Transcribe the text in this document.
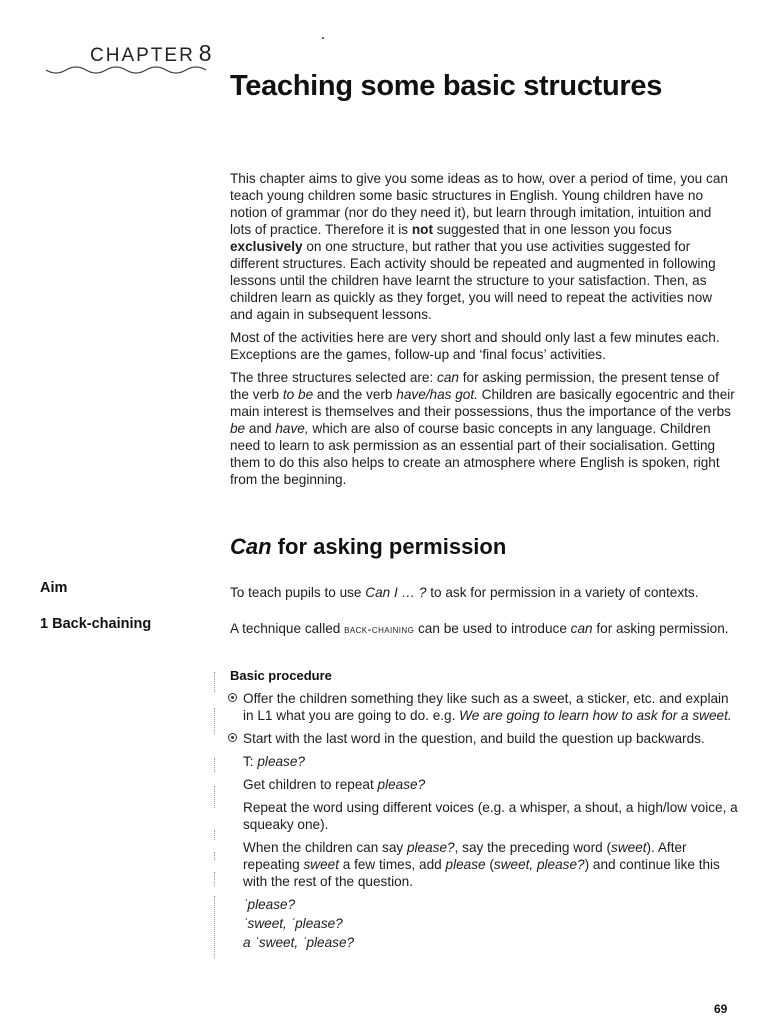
CHAPTER 8
Teaching some basic structures

This chapter aims to give you some ideas as to how, over a period of time, you can teach young children some basic structures in English. Young children have no notion of grammar (nor do they need it), but learn through imitation, intuition and lots of practice. Therefore it is not suggested that in one lesson you focus exclusively on one structure, but rather that you use activities suggested for different structures. Each activity should be repeated and augmented in following lessons until the children have learnt the structure to your satisfaction. Then, as children learn as quickly as they forget, you will need to repeat the activities now and again in subsequent lessons.

Most of the activities here are very short and should only last a few minutes each. Exceptions are the games, follow-up and ‘final focus’ activities.

The three structures selected are: can for asking permission, the present tense of the verb to be and the verb have/has got. Children are basically egocentric and their main interest is themselves and their possessions, thus the importance of the verbs be and have, which are also of course basic concepts in any language. Children need to learn to ask permission as an essential part of their socialisation. Getting them to do this also helps to create an atmosphere where English is spoken, right from the beginning.

Can for asking permission
Aim	To teach pupils to use Can I … ? to ask for permission in a variety of contexts.
1 Back-chaining	A technique called back-chaining can be used to introduce can for asking permission.
Basic procedure
Offer the children something they like such as a sweet, a sticker, etc. and explain in L1 what you are going to do. e.g. We are going to learn how to ask for a sweet.
Start with the last word in the question, and build the question up backwards.
T: please?
Get children to repeat please?
Repeat the word using different voices (e.g. a whisper, a shout, a high/low voice, a squeaky one).
When the children can say please?, say the preceding word (sweet). After repeating sweet a few times, add please (sweet, please?) and continue like this with the rest of the question.
ˈplease?
ˈsweet, ˈplease?
a ˈsweet, ˈplease?
69
